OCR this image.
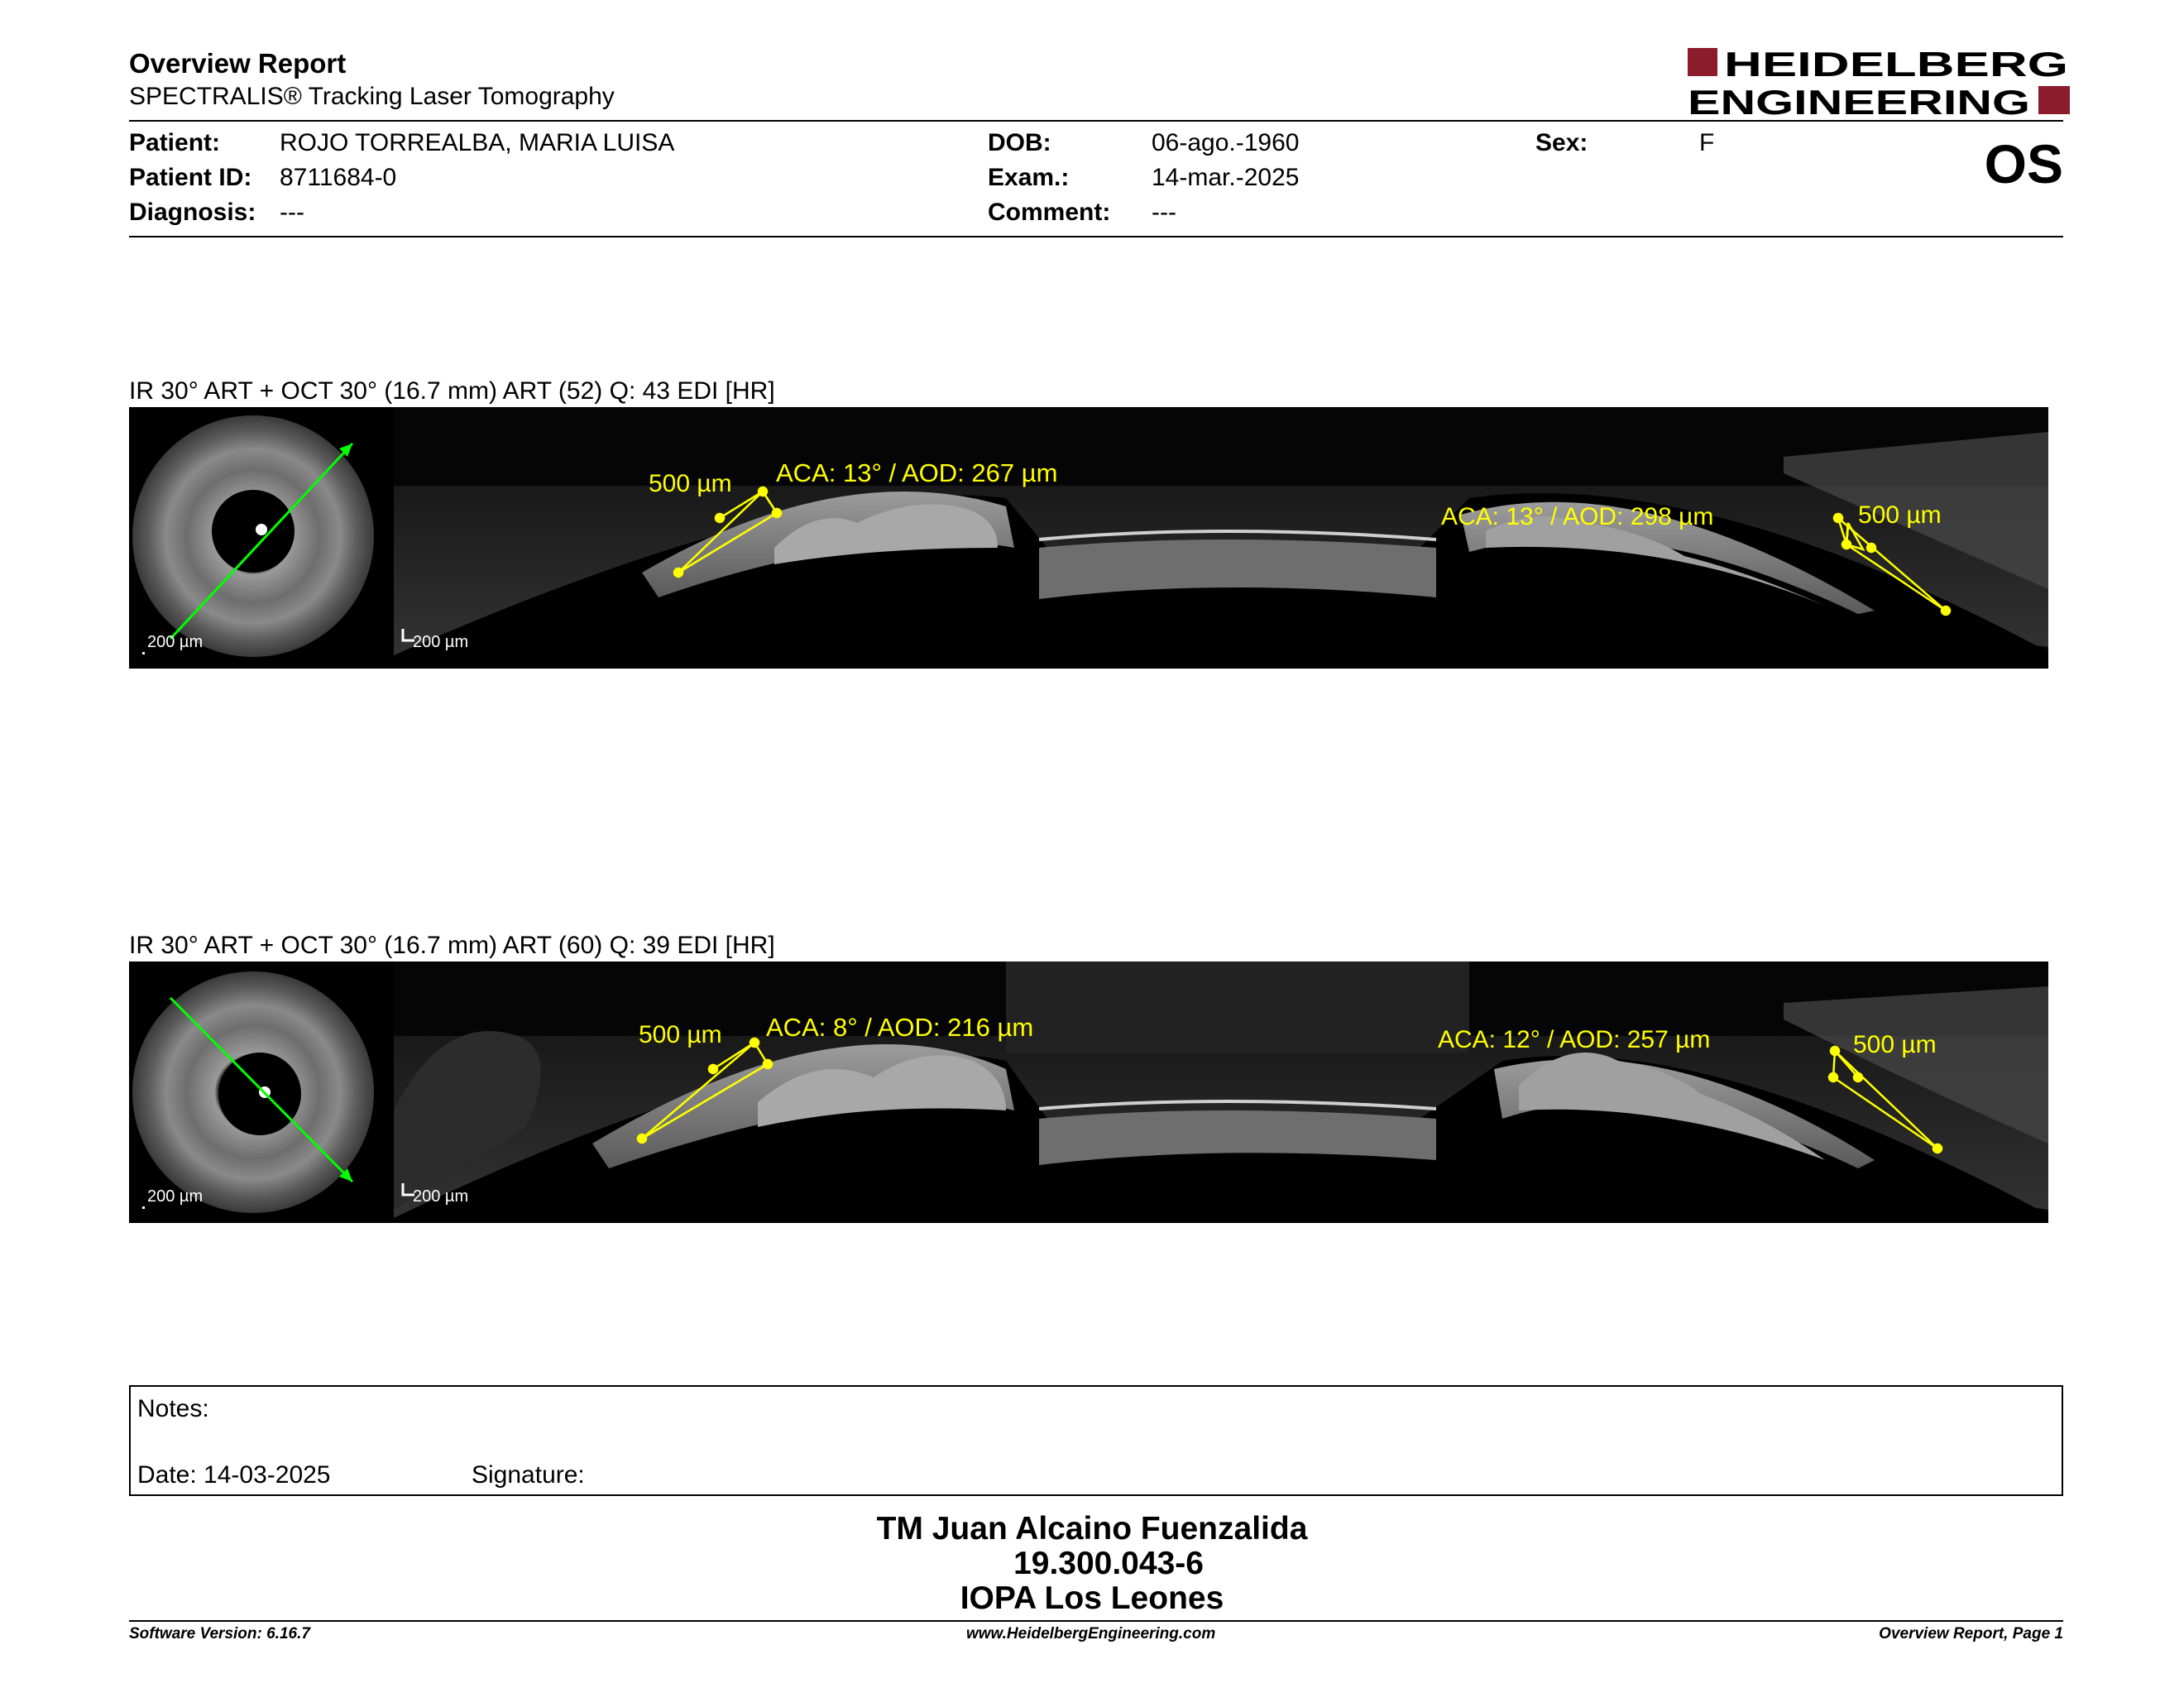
Overview Report
SPECTRALIS® Tracking Laser Tomography
HEIDELBERG
ENGINEERING
Patient: ROJO TORREALBA, MARIA LUISA
Patient ID: 8711684-0
Diagnosis: ---
DOB:	06-ago.-1960
Exam.:	14-mar.-2025
Comment: ---
Sex:	F	OS
IR 30° ART + OCT 30° (16.7 mm) ART (52) Q: 43 EDI [HR]
200 µm	200 µm
500 µm ACA: 13° / AOD: 267 µm
ACA: 13° / AOD: 298 µm	500 µm
IR 30° ART + OCT 30° (16.7 mm) ART (60) Q: 39 EDI [HR]
200 µm	200 µm
500 µm ACA: 8° / AOD: 216 µm	ACA: 12° / AOD: 257 µm	500 µm
Notes:
Date: 14-03-2025	Signature:
TM Juan Alcaino Fuenzalida
19.300.043-6
IOPA Los Leones
Software Version: 6.16.7	www.HeidelbergEngineering.com	Overview Report, Page 1
